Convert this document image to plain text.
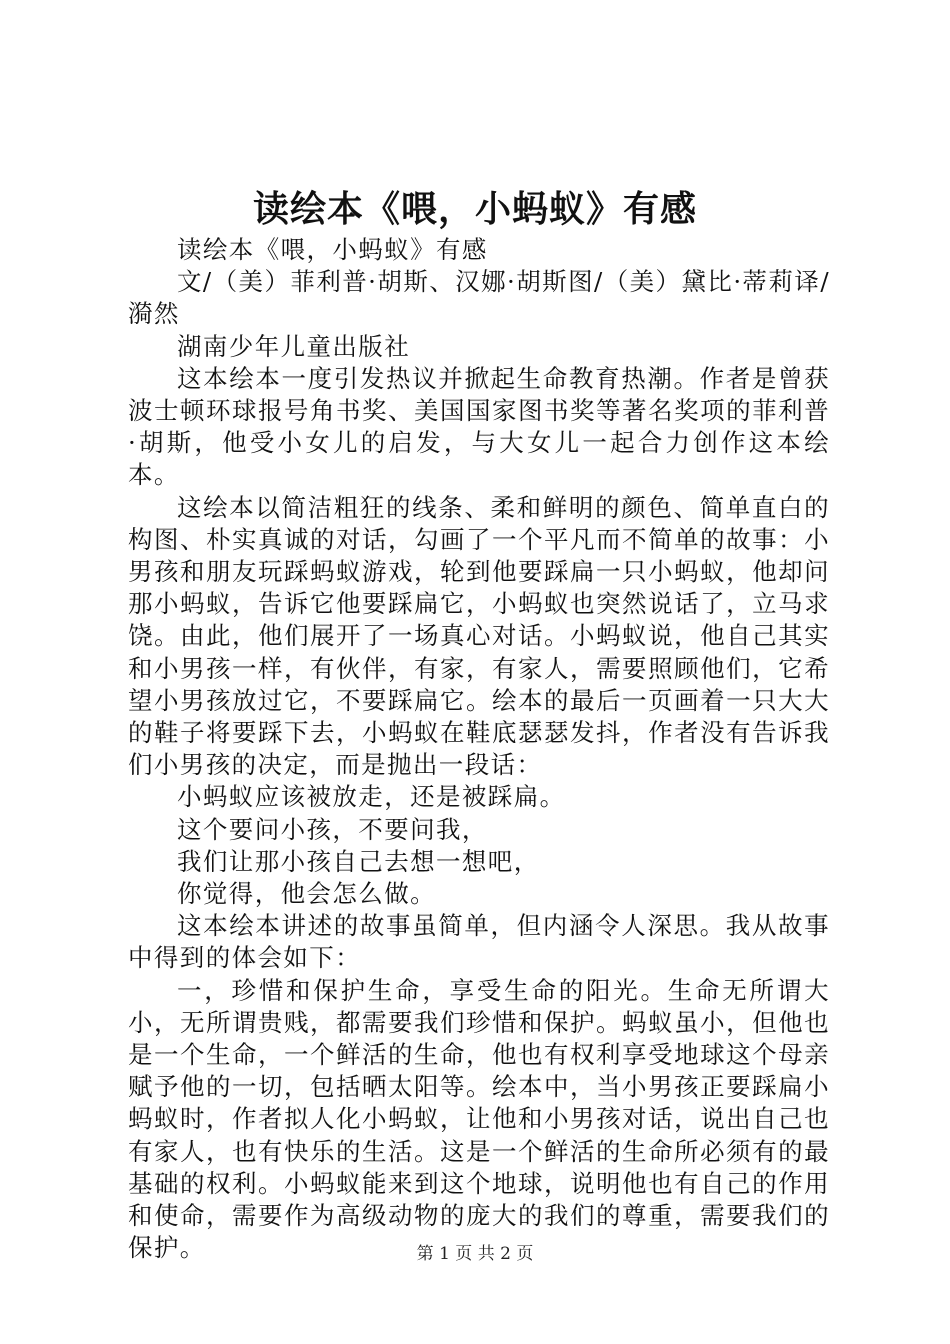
读绘本《喂，小蚂蚁》有感

读绘本《喂，小蚂蚁》有感

文/（美）菲利普·胡斯、汉娜·胡斯图/（美）黛比·蒂莉译/漪然

湖南少年儿童出版社

这本绘本一度引发热议并掀起生命教育热潮。作者是曾获波士顿环球报号角书奖、美国国家图书奖等著名奖项的菲利普·胡斯，他受小女儿的启发，与大女儿一起合力创作这本绘本。

这绘本以简洁粗狂的线条、柔和鲜明的颜色、简单直白的构图、朴实真诚的对话，勾画了一个平凡而不简单的故事：小男孩和朋友玩踩蚂蚁游戏，轮到他要踩扁一只小蚂蚁，他却问那小蚂蚁，告诉它他要踩扁它，小蚂蚁也突然说话了，立马求饶。由此，他们展开了一场真心对话。小蚂蚁说，他自己其实和小男孩一样，有伙伴，有家，有家人，需要照顾他们，它希望小男孩放过它，不要踩扁它。绘本的最后一页画着一只大大的鞋子将要踩下去，小蚂蚁在鞋底瑟瑟发抖，作者没有告诉我们小男孩的决定，而是抛出一段话：

小蚂蚁应该被放走，还是被踩扁。

这个要问小孩，不要问我，

我们让那小孩自己去想一想吧，

你觉得，他会怎么做。

这本绘本讲述的故事虽简单，但内涵令人深思。我从故事中得到的体会如下：

一，珍惜和保护生命，享受生命的阳光。生命无所谓大小，无所谓贵贱，都需要我们珍惜和保护。蚂蚁虽小，但他也是一个生命，一个鲜活的生命，他也有权利享受地球这个母亲赋予他的一切，包括晒太阳等。绘本中，当小男孩正要踩扁小蚂蚁时，作者拟人化小蚂蚁，让他和小男孩对话，说出自己也有家人，也有快乐的生活。这是一个鲜活的生命所必须有的最基础的权利。小蚂蚁能来到这个地球，说明他也有自己的作用和使命，需要作为高级动物的庞大的我们的尊重，需要我们的保护。	第 1 页 共 2 页
